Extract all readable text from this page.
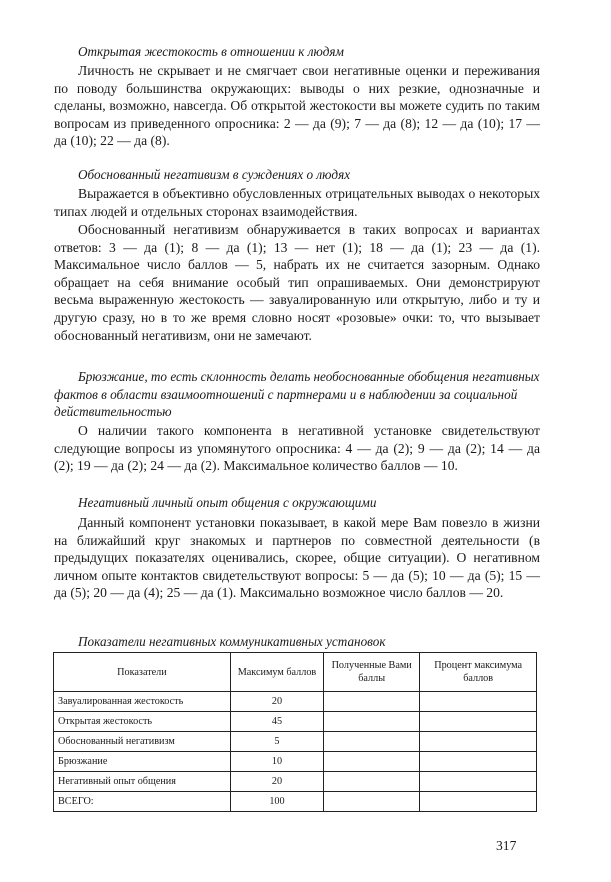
Открытая жестокость в отношении к людям

Личность не скрывает и не смягчает свои негативные оценки и переживания по поводу большинства окружающих: выводы о них резкие, однозначные и сделаны, возможно, навсегда. Об открытой жестокости вы можете судить по таким вопросам из приведенного опросника: 2 — да (9); 7 — да (8); 12 — да (10); 17 — да (10); 22 — да (8).

Обоснованный негативизм в суждениях о людях

Выражается в объективно обусловленных отрицательных выводах о некоторых типах людей и отдельных сторонах взаимодействия.

Обоснованный негативизм обнаруживается в таких вопросах и вариантах ответов: 3 — да (1); 8 — да (1); 13 — нет (1); 18 — да (1); 23 — да (1). Максимальное число баллов — 5, набрать их не считается зазорным. Однако обращает на себя внимание особый тип опрашиваемых. Они демонстрируют весьма выраженную жестокость — завуалированную или открытую, либо и ту и другую сразу, но в то же время словно носят «розовые» очки: то, что вызывает обоснованный негативизм, они не замечают.

Брюзжание, то есть склонность делать необоснованные обобщения негативных фактов в области взаимоотношений с партнерами и в наблюдении за социальной действительностью

О наличии такого компонента в негативной установке свидетельствуют следующие вопросы из упомянутого опросника: 4 — да (2); 9 — да (2); 14 — да (2); 19 — да (2); 24 — да (2). Максимальное количество баллов — 10.

Негативный личный опыт общения с окружающими

Данный компонент установки показывает, в какой мере Вам повезло в жизни на ближайший круг знакомых и партнеров по совместной деятельности (в предыдущих показателях оценивались, скорее, общие ситуации). О негативном личном опыте контактов свидетельствуют вопросы: 5 — да (5); 10 — да (5); 15 — да (5); 20 — да (4); 25 — да (1). Максимально возможное число баллов — 20.

Показатели негативных коммуникативных установок
Показатели	Максимум баллов	Полученные Вами баллы	Процент максимума баллов
Завуалированная жестокость	20		
Открытая жестокость	45		
Обоснованный негативизм	5		
Брюзжание	10		
Негативный опыт общения	20		
ВСЕГО:	100		
317
